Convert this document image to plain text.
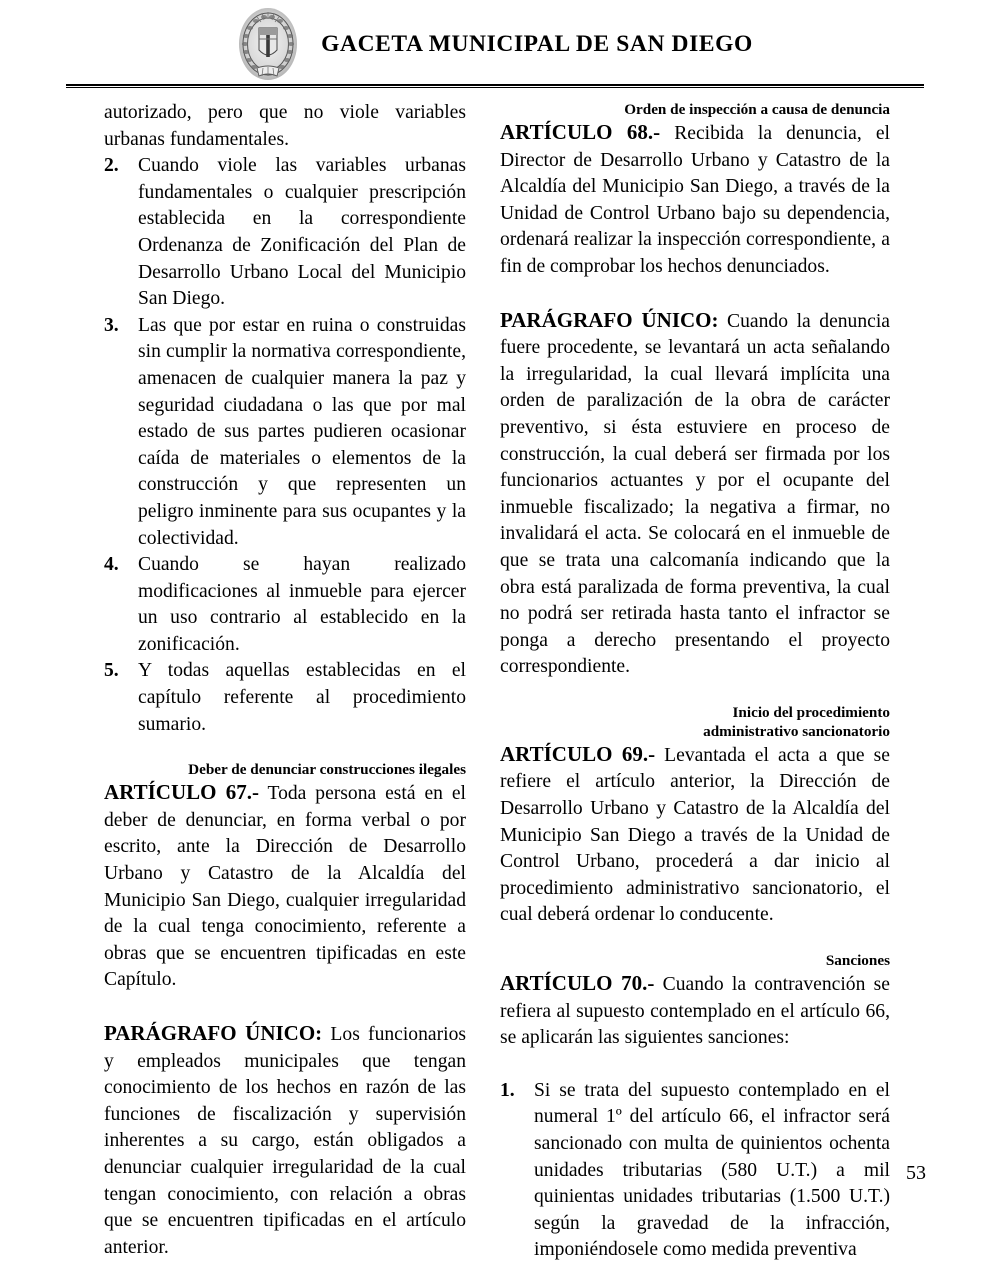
GACETA MUNICIPAL DE SAN DIEGO

autorizado, pero que no viole variables urbanas fundamentales.

2. Cuando viole las variables urbanas fundamentales o cualquier prescripción establecida en la correspondiente Ordenanza de Zonificación del Plan de Desarrollo Urbano Local del Municipio San Diego.
3. Las que por estar en ruina o construidas sin cumplir la normativa correspondiente, amenacen de cualquier manera la paz y seguridad ciudadana o las que por mal estado de sus partes pudieren ocasionar caída de materiales o elementos de la construcción y que representen un peligro inminente para sus ocupantes y la colectividad.
4. Cuando se hayan realizado modificaciones al inmueble para ejercer un uso contrario al establecido en la zonificación.
5. Y todas aquellas establecidas en el capítulo referente al procedimiento sumario.
Deber de denunciar construcciones ilegales

ARTÍCULO 67.- Toda persona está en el deber de denunciar, en forma verbal o por escrito, ante la Dirección de Desarrollo Urbano y Catastro de la Alcaldía del Municipio San Diego, cualquier irregularidad de la cual tenga conocimiento, referente a obras que se encuentren tipificadas en este Capítulo.

PARÁGRAFO ÚNICO: Los funcionarios y empleados municipales que tengan conocimiento de los hechos en razón de las funciones de fiscalización y supervisión inherentes a su cargo, están obligados a denunciar cualquier irregularidad de la cual tengan conocimiento, con relación a obras que se encuentren tipificadas en el artículo anterior.

Orden de inspección a causa de denuncia

ARTÍCULO 68.- Recibida la denuncia, el Director de Desarrollo Urbano y Catastro de la Alcaldía del Municipio San Diego, a través de la Unidad de Control Urbano bajo su dependencia, ordenará realizar la inspección correspondiente, a fin de comprobar los hechos denunciados.

PARÁGRAFO ÚNICO: Cuando la denuncia fuere procedente, se levantará un acta señalando la irregularidad, la cual llevará implícita una orden de paralización de la obra de carácter preventivo, si ésta estuviere en proceso de construcción, la cual deberá ser firmada por los funcionarios actuantes y por el ocupante del inmueble fiscalizado; la negativa a firmar, no invalidará el acta. Se colocará en el inmueble de que se trata una calcomanía indicando que la obra está paralizada de forma preventiva, la cual no podrá ser retirada hasta tanto el infractor se ponga a derecho presentando el proyecto correspondiente.

Inicio del procedimiento
administrativo sancionatorio

ARTÍCULO 69.- Levantada el acta a que se refiere el artículo anterior, la Dirección de Desarrollo Urbano y Catastro de la Alcaldía del Municipio San Diego a través de la Unidad de Control Urbano, procederá a dar inicio al procedimiento administrativo sancionatorio, el cual deberá ordenar lo conducente.

Sanciones

ARTÍCULO 70.- Cuando la contravención se refiera al supuesto contemplado en el artículo 66, se aplicarán las siguientes sanciones:

1. Si se trata del supuesto contemplado en el numeral 1º del artículo 66, el infractor será sancionado con multa de quinientos ochenta unidades tributarias (580 U.T.) a mil quinientas unidades tributarias (1.500 U.T.) según la gravedad de la infracción, imponiéndosele como medida preventiva
53
